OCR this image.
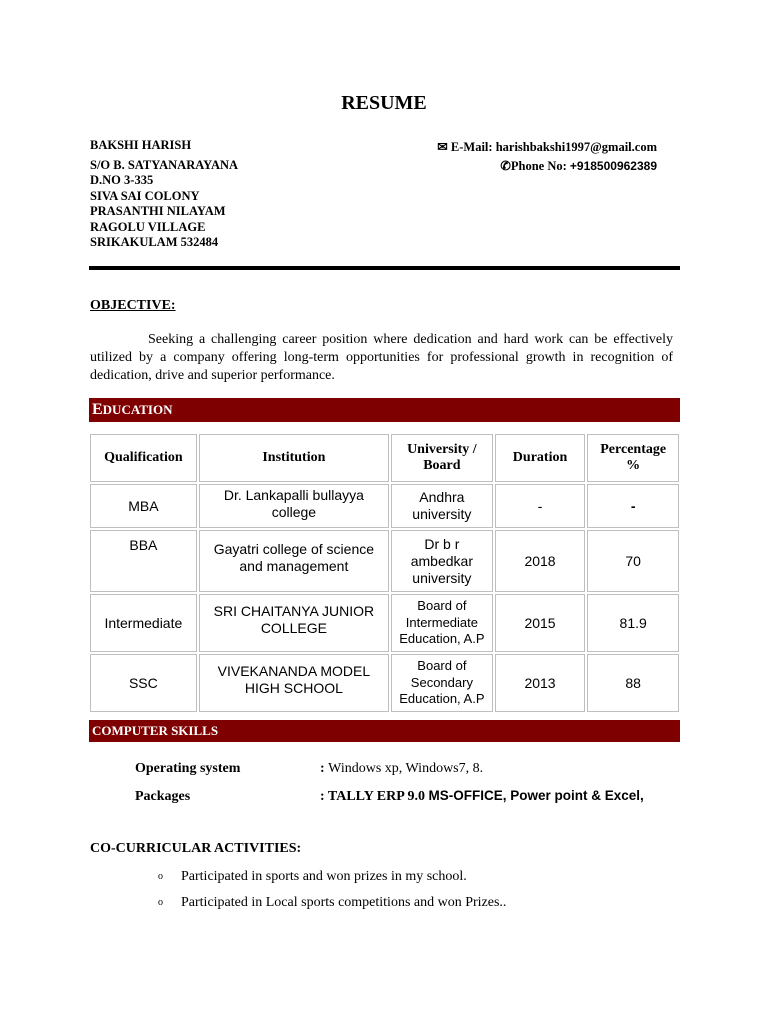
RESUME
BAKSHI HARISH
S/O B. SATYANARAYANA
D.NO 3-335
SIVA SAI COLONY
PRASANTHI NILAYAM
RAGOLU VILLAGE
SRIKAKULAM 532484
✉ E-Mail: harishbakshi1997@gmail.com
✆Phone No: +918500962389
OBJECTIVE:
Seeking a challenging career position where dedication and hard work can be effectively utilized by a company offering long-term opportunities for professional growth in recognition of dedication, drive and superior performance.
E DUCATION
Qualification	Institution	University / Board	Duration	Percentage %
MBA	Dr. Lankapalli bullayya college	Andhra university	-	-
BBA	Gayatri college of science and management	Dr b r ambedkar university	2018	70
Intermediate	SRI CHAITANYA JUNIOR COLLEGE	Board of Intermediate Education, A.P	2015	81.9
SSC	VIVEKANANDA MODEL HIGH SCHOOL	Board of Secondary Education, A.P	2013	88
COMPUTER SKILLS
Operating system	: Windows xp, Windows7, 8.
Packages	: TALLY ERP 9.0 MS-OFFICE, Power point & Excel,
CO-CURRICULAR ACTIVITIES:
o	Participated in sports and won prizes in my school.
o	Participated in Local sports competitions and won Prizes..
